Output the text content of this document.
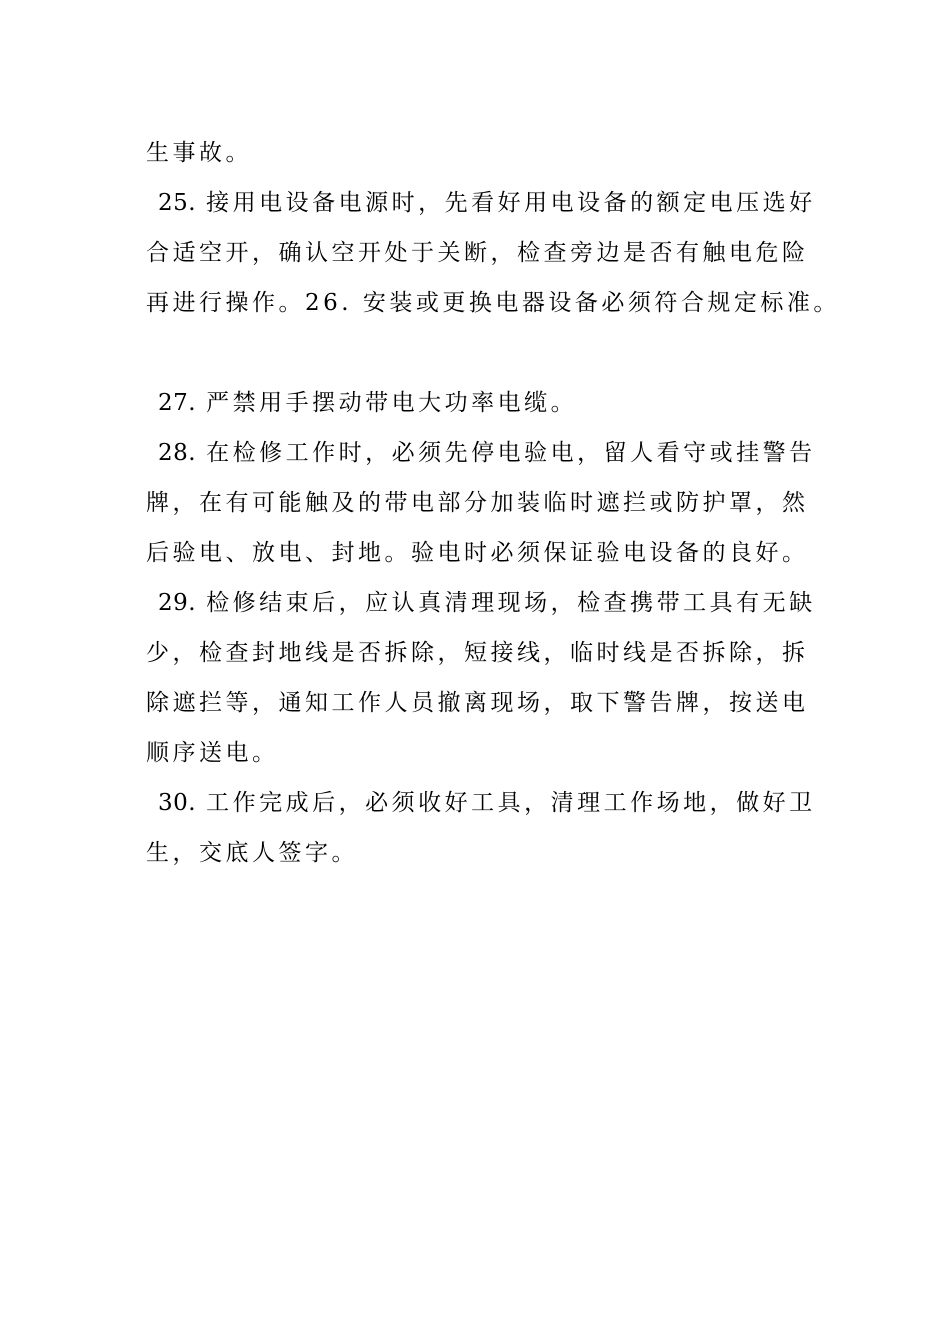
生事故。
25. 接用电设备电源时，先看好用电设备的额定电压选好
合适空开，确认空开处于关断，检查旁边是否有触电危险
再进行操作。26. 安装或更换电器设备必须符合规定标准。
27. 严禁用手摆动带电大功率电缆。
28. 在检修工作时，必须先停电验电，留人看守或挂警告
牌，在有可能触及的带电部分加装临时遮拦或防护罩，然
后验电、放电、封地。验电时必须保证验电设备的良好。
29. 检修结束后，应认真清理现场，检查携带工具有无缺
少，检查封地线是否拆除，短接线，临时线是否拆除，拆
除遮拦等，通知工作人员撤离现场，取下警告牌，按送电
顺序送电。
30. 工作完成后，必须收好工具，清理工作场地，做好卫
生，交底人签字。
